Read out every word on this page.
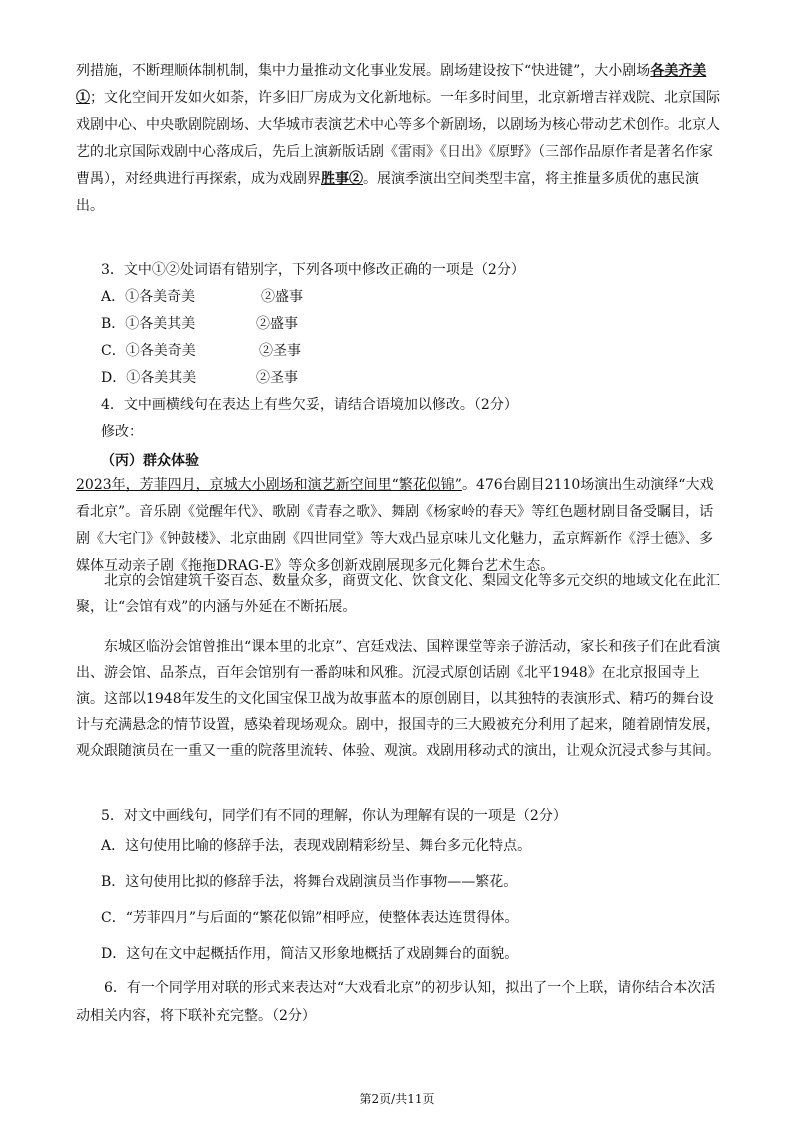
列措施，不断理顺体制机制，集中力量推动文化事业发展。剧场建设按下“快进键”，大小剧场各美齐美①；文化空间开发如火如荼，许多旧厂房成为文化新地标。一年多时间里，北京新增吉祥戏院、北京国际戏剧中心、中央歌剧院剧场、大华城市表演艺术中心等多个新剧场，以剧场为核心带动艺术创作。北京人艺的北京国际戏剧中心落成后，先后上演新版话剧《雷雨》《日出》《原野》（三部作品原作者是著名作家曹禺），对经典进行再探索，成为戏剧界胜事②。展演季演出空间类型丰富，将主推量多质优的惠民演出。

3．文中①②处词语有错别字，下列各项中修改正确的一项是（2分）
A．①各美奇美	②盛事
B．①各美其美	②盛事
C．①各美奇美	②圣事
D．①各美其美	②圣事
4．文中画横线句在表达上有些欠妥，请结合语境加以修改。（2分）
修改：
（丙）群众体验

2023年，芳菲四月，京城大小剧场和演艺新空间里“繁花似锦”。476台剧目2110场演出生动演绎“大戏看北京”。音乐剧《觉醒年代》、歌剧《青春之歌》、舞剧《杨家岭的春天》等红色题材剧目备受瞩目，话剧《大宅门》《钟鼓楼》、北京曲剧《四世同堂》等大戏凸显京味儿文化魅力，孟京辉新作《浮士德》、多媒体互动亲子剧《拖拖DRAG-E》等众多创新戏剧展现多元化舞台艺术生态。

北京的会馆建筑千姿百态、数量众多，商贾文化、饮食文化、梨园文化等多元交织的地域文化在此汇聚，让“会馆有戏”的内涵与外延在不断拓展。

东城区临汾会馆曾推出“课本里的北京”、宫廷戏法、国粹课堂等亲子游活动，家长和孩子们在此看演出、游会馆、品茶点，百年会馆别有一番韵味和风雅。沉浸式原创话剧《北平1948》在北京报国寺上演。这部以1948年发生的文化国宝保卫战为故事蓝本的原创剧目，以其独特的表演形式、精巧的舞台设计与充满悬念的情节设置，感染着现场观众。剧中，报国寺的三大殿被充分利用了起来，随着剧情发展，观众跟随演员在一重又一重的院落里流转、体验、观演。戏剧用移动式的演出，让观众沉浸式参与其间。

5．对文中画线句，同学们有不同的理解，你认为理解有误的一项是（2分）
A．这句使用比喻的修辞手法，表现戏剧精彩纷呈、舞台多元化特点。
B．这句使用比拟的修辞手法，将舞台戏剧演员当作事物——繁花。
C．“芳菲四月”与后面的“繁花似锦”相呼应，使整体表达连贯得体。
D．这句在文中起概括作用，简洁又形象地概括了戏剧舞台的面貌。

6．有一个同学用对联的形式来表达对“大戏看北京”的初步认知，拟出了一个上联，请你结合本次活动相关内容，将下联补充完整。（2分）

第2页/共11页
